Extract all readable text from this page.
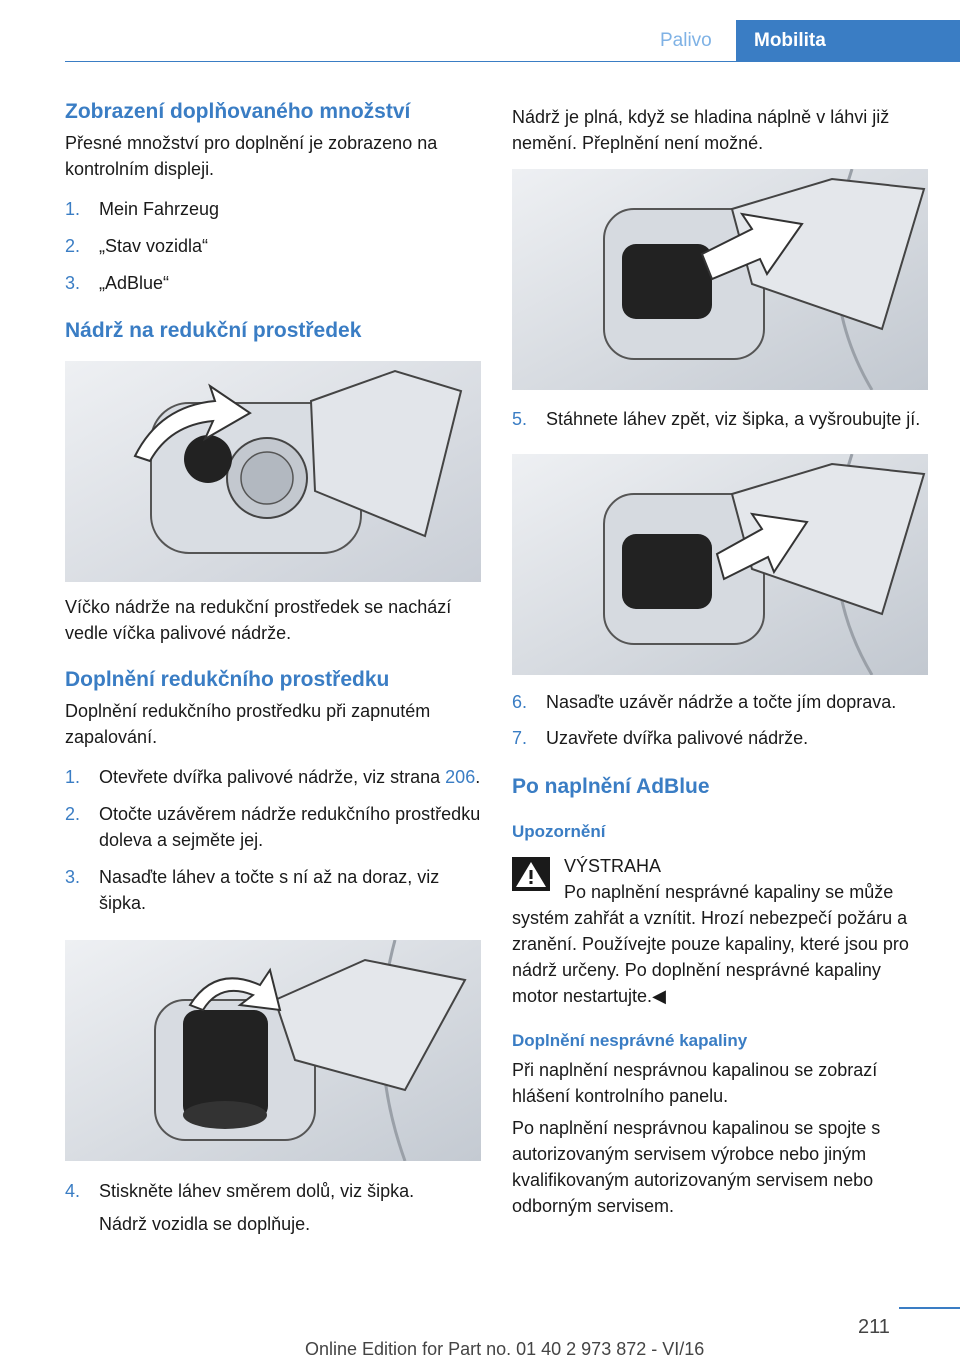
Palivo	Mobilita
Zobrazení doplňovaného množství

Přesné množství pro doplnění je zobrazeno na kontrolním displeji.

1. Mein Fahrzeug
2. „Stav vozidla“
3. „AdBlue“
Nádrž na redukční prostředek

Víčko nádrže na redukční prostředek se nachází vedle víčka palivové nádrže.

Doplnění redukčního prostředku

Doplnění redukčního prostředku při zapnutém zapalování.

1. Otevřete dvířka palivové nádrže, viz strana 206.
2. Otočte uzávěrem nádrže redukčního prostředku doleva a sejměte jej.
3. Nasaďte láhev a točte s ní až na doraz, viz šipka.
4. Stiskněte láhev směrem dolů, viz šipka.

Nádrž vozidla se doplňuje.

Nádrž je plná, když se hladina náplně v láhvi již nemění. Přeplnění není možné.

5. Stáhnete láhev zpět, viz šipka, a vyšroubujte jí.
6. Nasaďte uzávěr nádrže a točte jím doprava.
7. Uzavřete dvířka palivové nádrže.
Po naplnění AdBlue
Upozornění

VÝSTRAHA

Po naplnění nesprávné kapaliny se může systém zahřát a vznítit. Hrozí nebezpečí požáru a zranění. Používejte pouze kapaliny, které jsou pro nádrž určeny. Po doplnění nesprávné kapaliny motor nestartujte.◀

Doplnění nesprávné kapaliny

Při naplnění nesprávnou kapalinou se zobrazí hlášení kontrolního panelu.

Po naplnění nesprávnou kapalinou se spojte s autorizovaným servisem výrobce nebo jiným kvalifikovaným autorizovaným servisem nebo odborným servisem.

211
Online Edition for Part no. 01 40 2 973 872 - VI/16
